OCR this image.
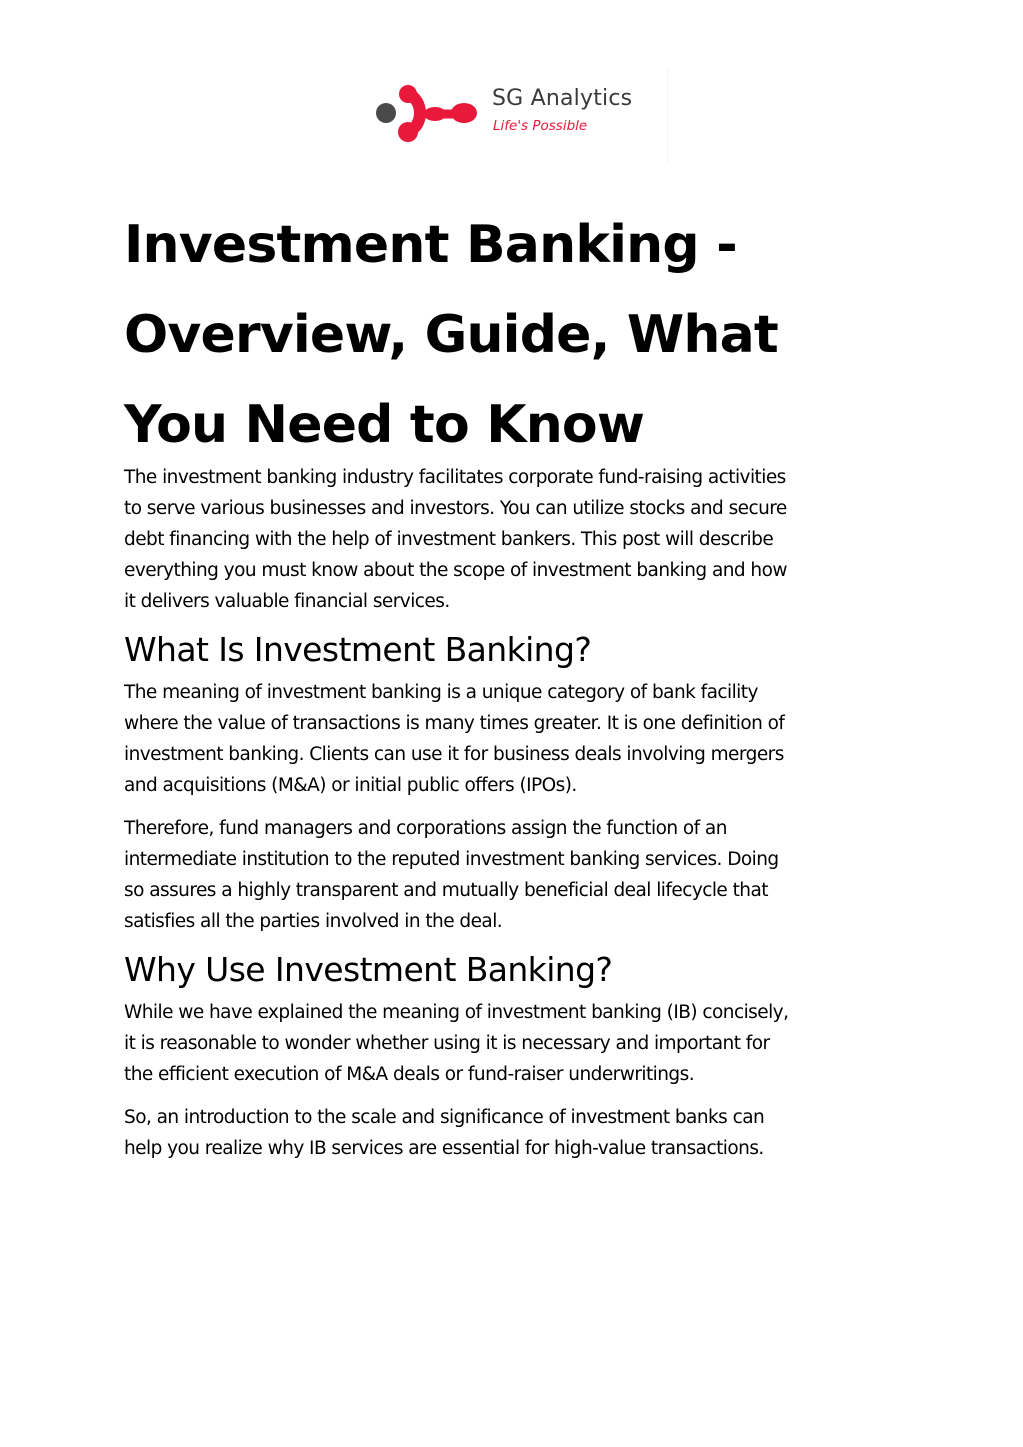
SG Analytics
Life's Possible
Investment Banking -
Overview, Guide, What
You Need to Know

The investment banking industry facilitates corporate fund-raising activities
to serve various businesses and investors. You can utilize stocks and secure
debt financing with the help of investment bankers. This post will describe
everything you must know about the scope of investment banking and how
it delivers valuable financial services.

What Is Investment Banking?

The meaning of investment banking is a unique category of bank facility
where the value of transactions is many times greater. It is one definition of
investment banking. Clients can use it for business deals involving mergers
and acquisitions (M&A) or initial public offers (IPOs).

Therefore, fund managers and corporations assign the function of an
intermediate institution to the reputed investment banking services. Doing
so assures a highly transparent and mutually beneficial deal lifecycle that
satisfies all the parties involved in the deal.

Why Use Investment Banking?

While we have explained the meaning of investment banking (IB) concisely,
it is reasonable to wonder whether using it is necessary and important for
the efficient execution of M&A deals or fund-raiser underwritings.

So, an introduction to the scale and significance of investment banks can
help you realize why IB services are essential for high-value transactions.
